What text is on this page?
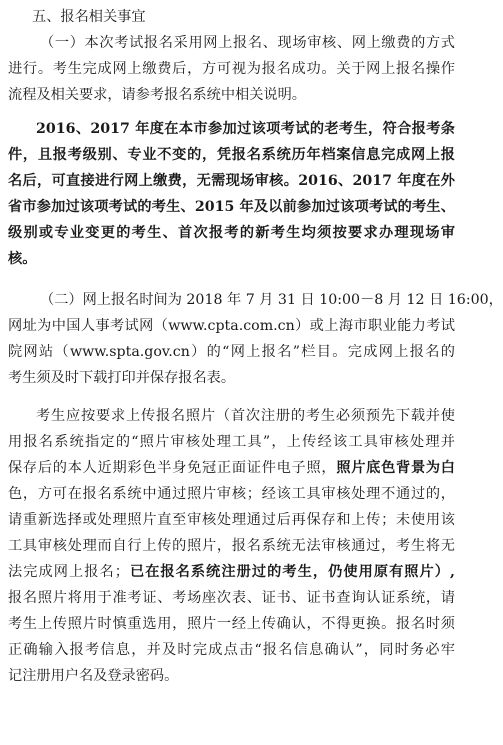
五、报名相关事宜
（一）本次考试报名采用网上报名、现场审核、网上缴费的方式
进行。考生完成网上缴费后，方可视为报名成功。关于网上报名操作
流程及相关要求，请参考报名系统中相关说明。
2016、2017 年度在本市参加过该项考试的老考生，符合报考条
件，且报考级别、专业不变的，凭报名系统历年档案信息完成网上报
名后，可直接进行网上缴费，无需现场审核。2016、2017 年度在外
省市参加过该项考试的考生、2015 年及以前参加过该项考试的考生、
级别或专业变更的考生、首次报考的新考生均须按要求办理现场审
核。
（二）网上报名时间为 2018 年 7 月 31 日 10:00－8 月 12 日 16:00，
网址为中国人事考试网（www.cpta.com.cn）或上海市职业能力考试
院网站（www.spta.gov.cn）的“网上报名”栏目。完成网上报名的
考生须及时下载打印并保存报名表。
考生应按要求上传报名照片（首次注册的考生必须预先下载并使
用报名系统指定的“照片审核处理工具”，上传经该工具审核处理并
保存后的本人近期彩色半身免冠正面证件电子照，照片底色背景为白
色，方可在报名系统中通过照片审核；经该工具审核处理不通过的，
请重新选择或处理照片直至审核处理通过后再保存和上传；未使用该
工具审核处理而自行上传的照片，报名系统无法审核通过，考生将无
法完成网上报名；已在报名系统注册过的考生，仍使用原有照片）,
报名照片将用于准考证、考场座次表、证书、证书查询认证系统，请
考生上传照片时慎重选用，照片一经上传确认，不得更换。报名时须
正确输入报考信息，并及时完成点击“报名信息确认”，同时务必牢
记注册用户名及登录密码。
